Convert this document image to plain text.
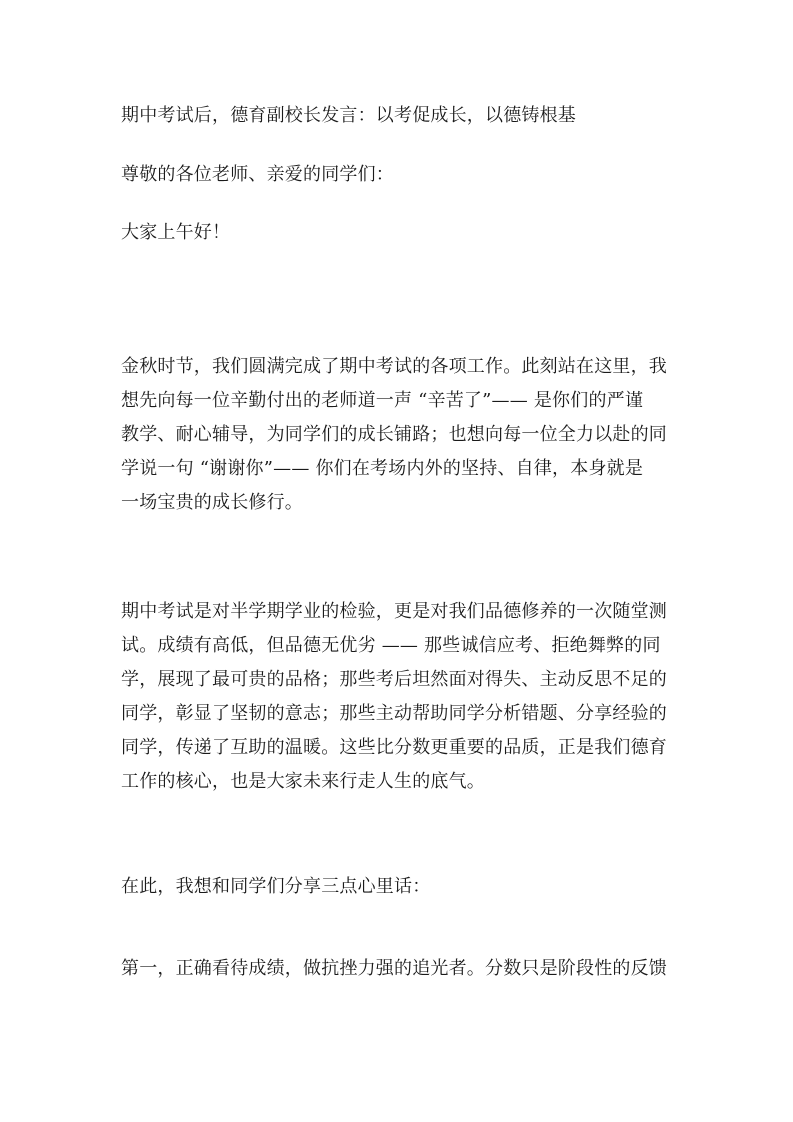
期中考试后，德育副校长发言：以考促成长，以德铸根基
尊敬的各位老师、亲爱的同学们：
大家上午好！
金秋时节，我们圆满完成了期中考试的各项工作。此刻站在这里，我
想先向每一位辛勤付出的老师道一声 “辛苦了”—— 是你们的严谨
教学、耐心辅导，为同学们的成长铺路；也想向每一位全力以赴的同
学说一句 “谢谢你”—— 你们在考场内外的坚持、自律，本身就是
一场宝贵的成长修行。
期中考试是对半学期学业的检验，更是对我们品德修养的一次随堂测
试。成绩有高低，但品德无优劣 —— 那些诚信应考、拒绝舞弊的同
学，展现了最可贵的品格；那些考后坦然面对得失、主动反思不足的
同学，彰显了坚韧的意志；那些主动帮助同学分析错题、分享经验的
同学，传递了互助的温暖。这些比分数更重要的品质，正是我们德育
工作的核心，也是大家未来行走人生的底气。
在此，我想和同学们分享三点心里话：
第一，正确看待成绩，做抗挫力强的追光者。分数只是阶段性的反馈
